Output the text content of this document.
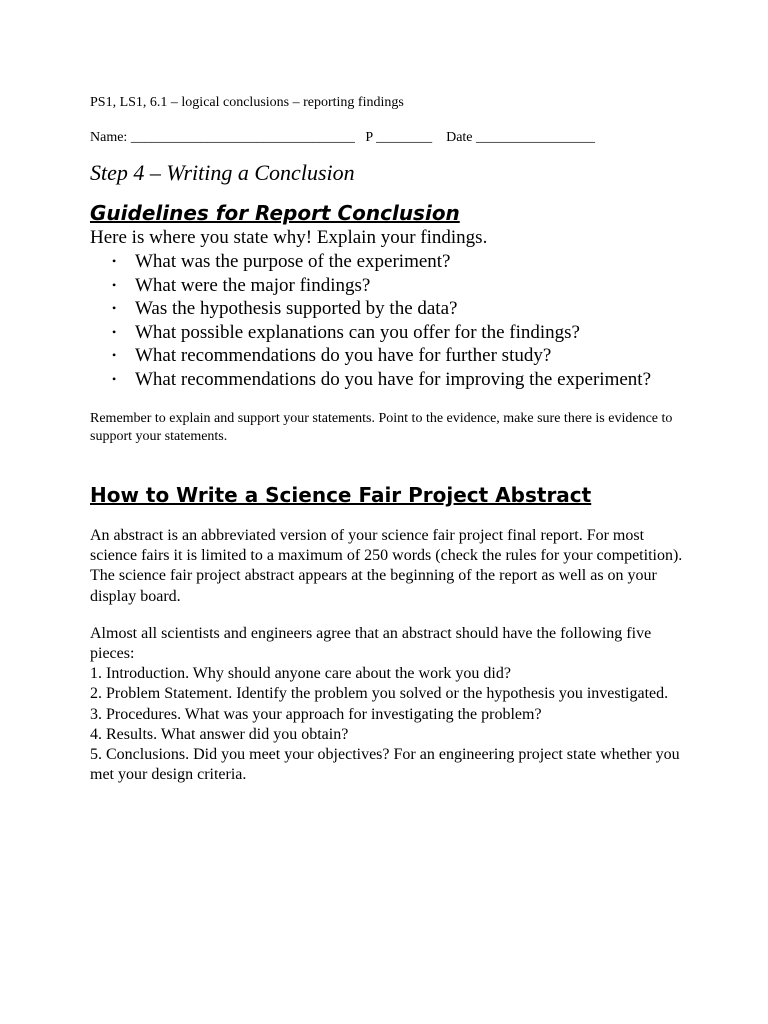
PS1, LS1, 6.1 – logical conclusions – reporting findings

Name: ________________________________   P ________    Date _________________

Step 4 – Writing a Conclusion
Guidelines for Report Conclusion

Here is where you state why! Explain your findings.

• What was the purpose of the experiment?
• What were the major findings?
• Was the hypothesis supported by the data?
• What possible explanations can you offer for the findings?
• What recommendations do you have for further study?
• What recommendations do you have for improving the experiment?

Remember to explain and support your statements. Point to the evidence, make sure there is evidence to support your statements.

How to Write a Science Fair Project Abstract

An abstract is an abbreviated version of your science fair project final report. For most science fairs it is limited to a maximum of 250 words (check the rules for your competition). The science fair project abstract appears at the beginning of the report as well as on your display board.

Almost all scientists and engineers agree that an abstract should have the following five pieces:

1. Introduction. Why should anyone care about the work you did?
2. Problem Statement. Identify the problem you solved or the hypothesis you investigated.
3. Procedures. What was your approach for investigating the problem?
4. Results. What answer did you obtain?
5. Conclusions. Did you meet your objectives? For an engineering project state whether you met your design criteria.
